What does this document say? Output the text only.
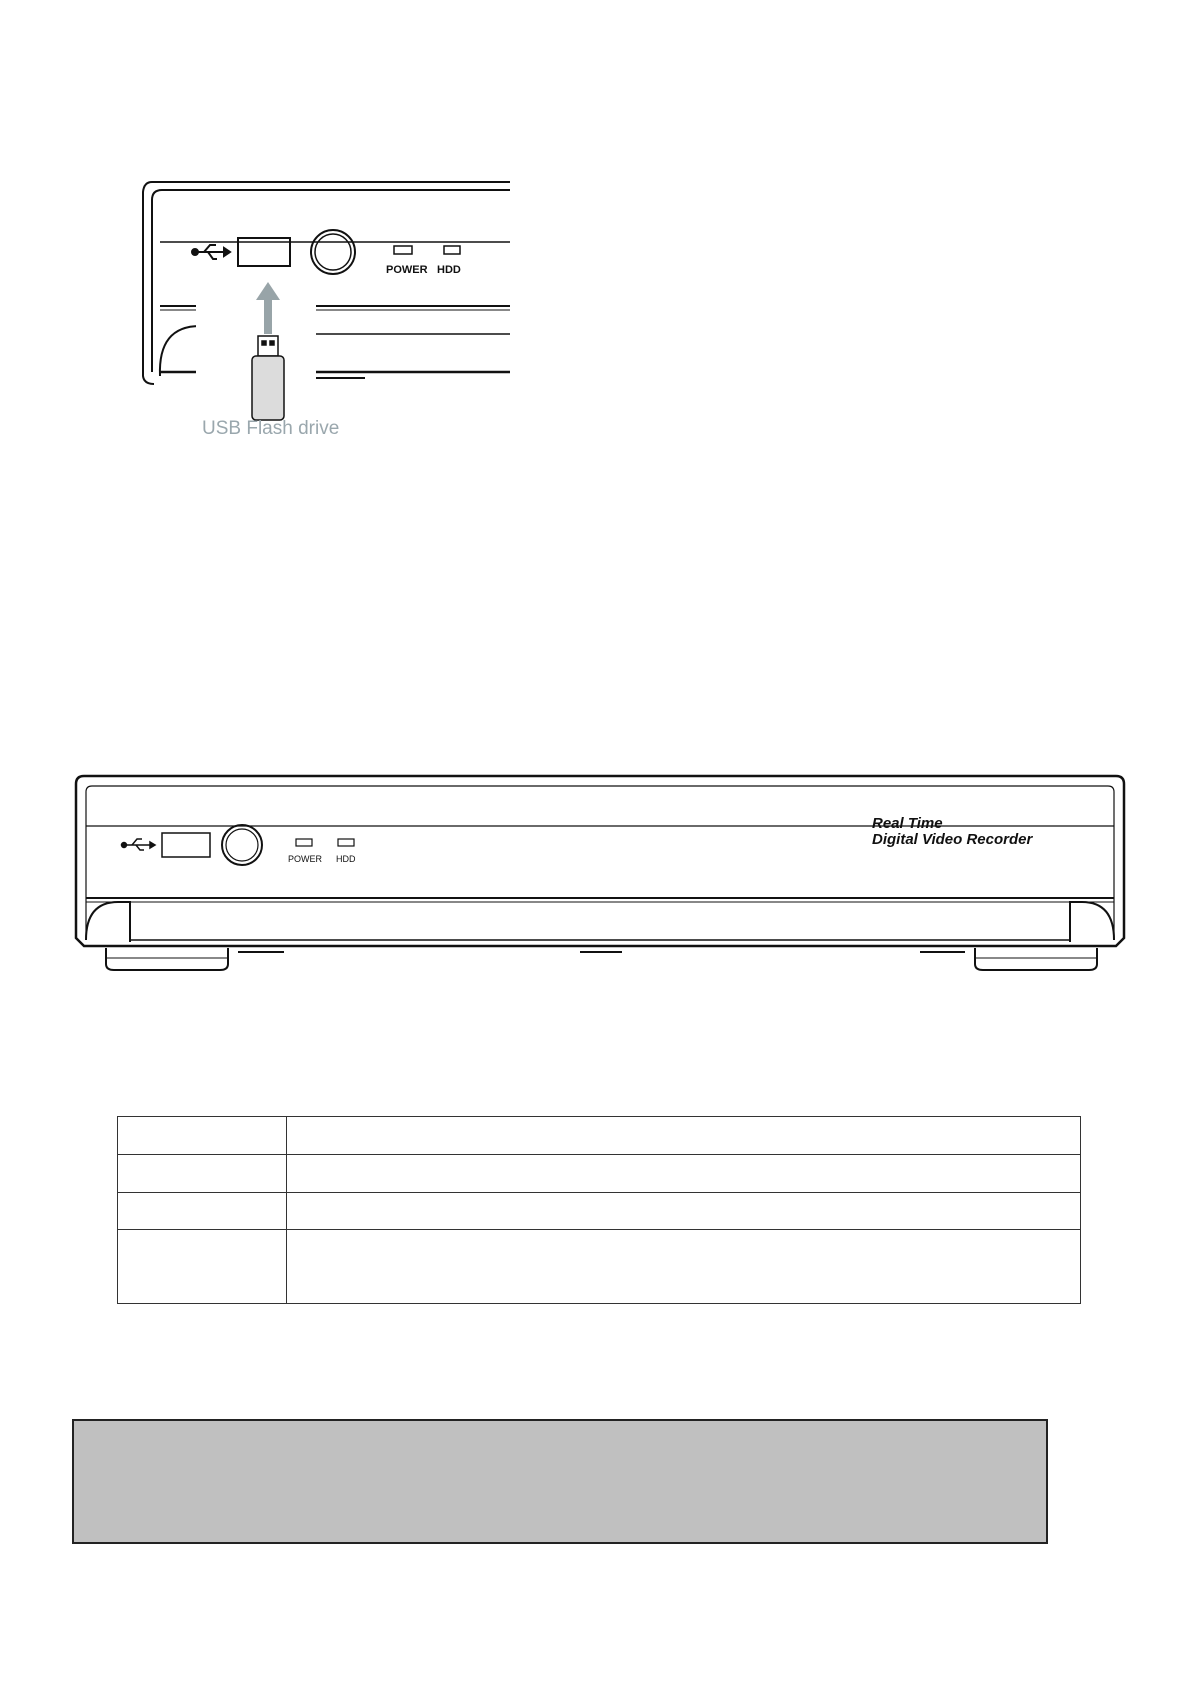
POWER HDD
USB Flash drive
POWER HDD
Real Time
Digital Video Recorder
